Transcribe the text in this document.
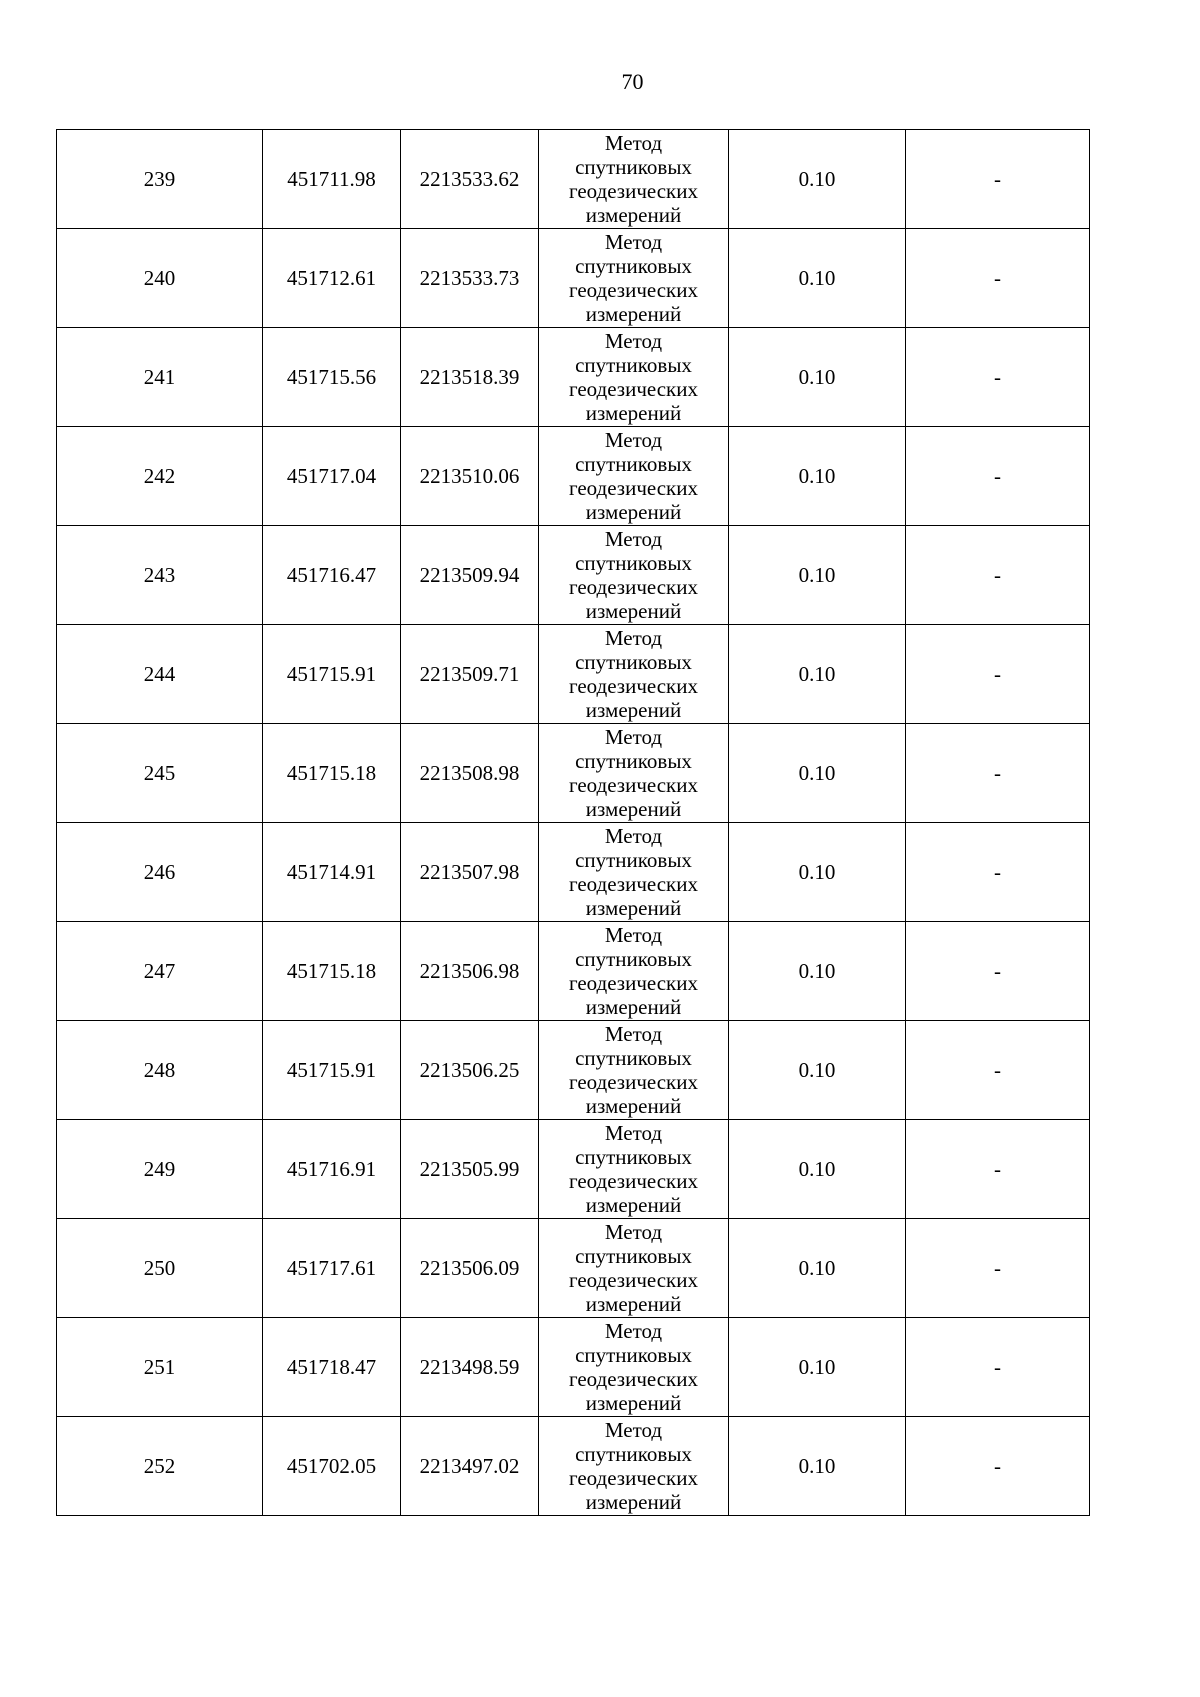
70
239	451711.98	2213533.62	Метод
спутниковых
геодезических
измерений	0.10	-
240	451712.61	2213533.73	Метод
спутниковых
геодезических
измерений	0.10	-
241	451715.56	2213518.39	Метод
спутниковых
геодезических
измерений	0.10	-
242	451717.04	2213510.06	Метод
спутниковых
геодезических
измерений	0.10	-
243	451716.47	2213509.94	Метод
спутниковых
геодезических
измерений	0.10	-
244	451715.91	2213509.71	Метод
спутниковых
геодезических
измерений	0.10	-
245	451715.18	2213508.98	Метод
спутниковых
геодезических
измерений	0.10	-
246	451714.91	2213507.98	Метод
спутниковых
геодезических
измерений	0.10	-
247	451715.18	2213506.98	Метод
спутниковых
геодезических
измерений	0.10	-
248	451715.91	2213506.25	Метод
спутниковых
геодезических
измерений	0.10	-
249	451716.91	2213505.99	Метод
спутниковых
геодезических
измерений	0.10	-
250	451717.61	2213506.09	Метод
спутниковых
геодезических
измерений	0.10	-
251	451718.47	2213498.59	Метод
спутниковых
геодезических
измерений	0.10	-
252	451702.05	2213497.02	Метод
спутниковых
геодезических
измерений	0.10	-
